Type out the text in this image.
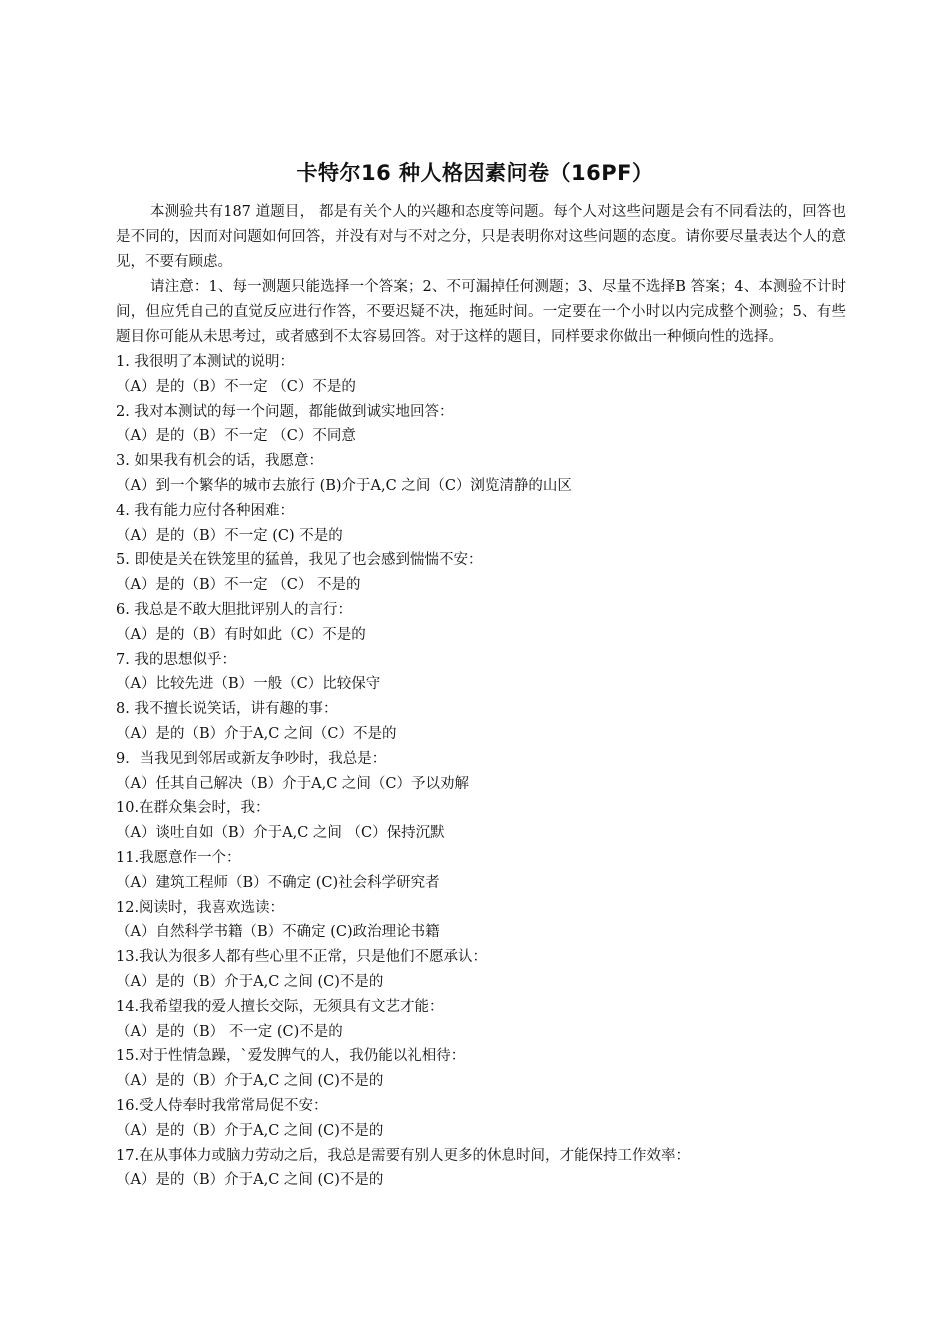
卡特尔16 种人格因素问卷（16PF）

本测验共有187 道题目， 都是有关个人的兴趣和态度等问题。每个人对这些问题是会有不同看法的，回答也是不同的，因而对问题如何回答，并没有对与不对之分，只是表明你对这些问题的态度。请你要尽量表达个人的意见，不要有顾虑。

请注意：1、每一测题只能选择一个答案；2、不可漏掉任何测题；3、尽量不选择B 答案；4、本测验不计时间，但应凭自己的直觉反应进行作答，不要迟疑不决，拖延时间。一定要在一个小时以内完成整个测验；5、有些题目你可能从未思考过，或者感到不太容易回答。对于这样的题目，同样要求你做出一种倾向性的选择。

1. 我很明了本测试的说明：
（A）是的（B）不一定 （C）不是的
2. 我对本测试的每一个问题，都能做到诚实地回答：
（A）是的（B）不一定 （C）不同意
3. 如果我有机会的话，我愿意：
（A）到一个繁华的城市去旅行 (B)介于A,C 之间（C）浏览清静的山区
4. 我有能力应付各种困难：
（A）是的（B）不一定 (C) 不是的
5. 即使是关在铁笼里的猛兽，我见了也会感到惴惴不安：
（A）是的（B）不一定 （C） 不是的
6. 我总是不敢大胆批评别人的言行：
（A）是的（B）有时如此（C）不是的
7. 我的思想似乎：
（A）比较先进（B）一般（C）比较保守
8. 我不擅长说笑话，讲有趣的事：
（A）是的（B）介于A,C 之间（C）不是的
9．当我见到邻居或新友争吵时，我总是：
（A）任其自己解决（B）介于A,C 之间（C）予以劝解
10.在群众集会时，我：
（A）谈吐自如（B）介于A,C 之间 （C）保持沉默
11.我愿意作一个：
（A）建筑工程师（B）不确定 (C)社会科学研究者
12.阅读时，我喜欢选读：
（A）自然科学书籍（B）不确定 (C)政治理论书籍
13.我认为很多人都有些心里不正常，只是他们不愿承认：
（A）是的（B）介于A,C 之间 (C)不是的
14.我希望我的爱人擅长交际，无须具有文艺才能：
（A）是的（B） 不一定 (C)不是的
15.对于性情急躁，`爱发脾气的人，我仍能以礼相待：
（A）是的（B）介于A,C 之间 (C)不是的
16.受人侍奉时我常常局促不安：
（A）是的（B）介于A,C 之间 (C)不是的
17.在从事体力或脑力劳动之后，我总是需要有别人更多的休息时间，才能保持工作效率：
（A）是的（B）介于A,C 之间 (C)不是的
